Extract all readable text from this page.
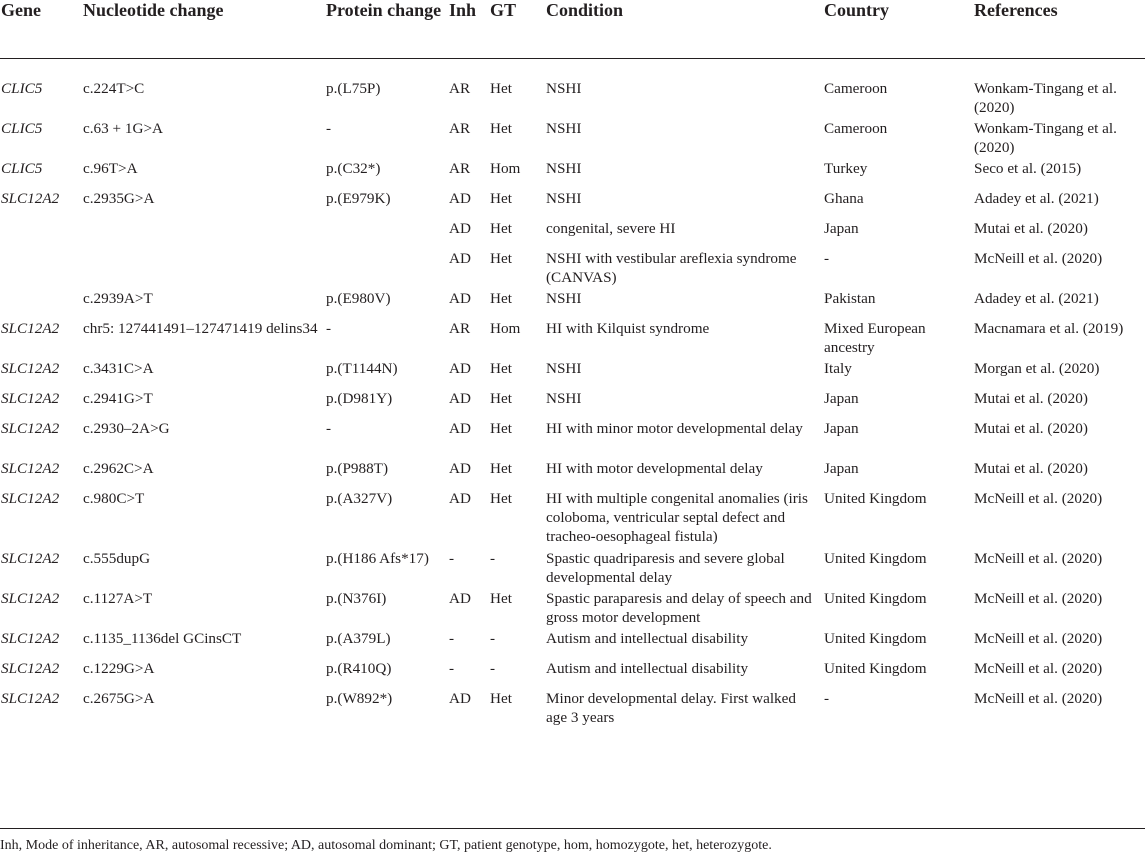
Gene	Nucleotide change	Protein change	Inh	GT	Condition	Country	References
CLIC5	c.224T>C	p.(L75P)	AR	Het	NSHI	Cameroon	Wonkam-Tingang et al. (2020)
CLIC5	c.63 + 1G>A	-	AR	Het	NSHI	Cameroon	Wonkam-Tingang et al. (2020)
CLIC5	c.96T>A	p.(C32*)	AR	Hom	NSHI	Turkey	Seco et al. (2015)
SLC12A2	c.2935G>A	p.(E979K)	AD	Het	NSHI	Ghana	Adadey et al. (2021)
			AD	Het	congenital, severe HI	Japan	Mutai et al. (2020)
			AD	Het	NSHI with vestibular areflexia syndrome (CANVAS)	-	McNeill et al. (2020)
	c.2939A>T	p.(E980V)	AD	Het	NSHI	Pakistan	Adadey et al. (2021)
SLC12A2	chr5: 127441491–127471419 delins34	-	AR	Hom	HI with Kilquist syndrome	Mixed European ancestry	Macnamara et al. (2019)
SLC12A2	c.3431C>A	p.(T1144N)	AD	Het	NSHI	Italy	Morgan et al. (2020)
SLC12A2	c.2941G>T	p.(D981Y)	AD	Het	NSHI	Japan	Mutai et al. (2020)
SLC12A2	c.2930–2A>G	-	AD	Het	HI with minor motor developmental delay	Japan	Mutai et al. (2020)
SLC12A2	c.2962C>A	p.(P988T)	AD	Het	HI with motor developmental delay	Japan	Mutai et al. (2020)
SLC12A2	c.980C>T	p.(A327V)	AD	Het	HI with multiple congenital anomalies (iris coloboma, ventricular septal defect and tracheo-oesophageal fistula)	United Kingdom	McNeill et al. (2020)
SLC12A2	c.555dupG	p.(H186 Afs*17)	-	-	Spastic quadriparesis and severe global developmental delay	United Kingdom	McNeill et al. (2020)
SLC12A2	c.1127A>T	p.(N376I)	AD	Het	Spastic paraparesis and delay of speech and gross motor development	United Kingdom	McNeill et al. (2020)
SLC12A2	c.1135_1136del GCinsCT	p.(A379L)	-	-	Autism and intellectual disability	United Kingdom	McNeill et al. (2020)
SLC12A2	c.1229G>A	p.(R410Q)	-	-	Autism and intellectual disability	United Kingdom	McNeill et al. (2020)
SLC12A2	c.2675G>A	p.(W892*)	AD	Het	Minor developmental delay. First walked age 3 years	-	McNeill et al. (2020)
Inh, Mode of inheritance, AR, autosomal recessive; AD, autosomal dominant; GT, patient genotype, hom, homozygote, het, heterozygote.
